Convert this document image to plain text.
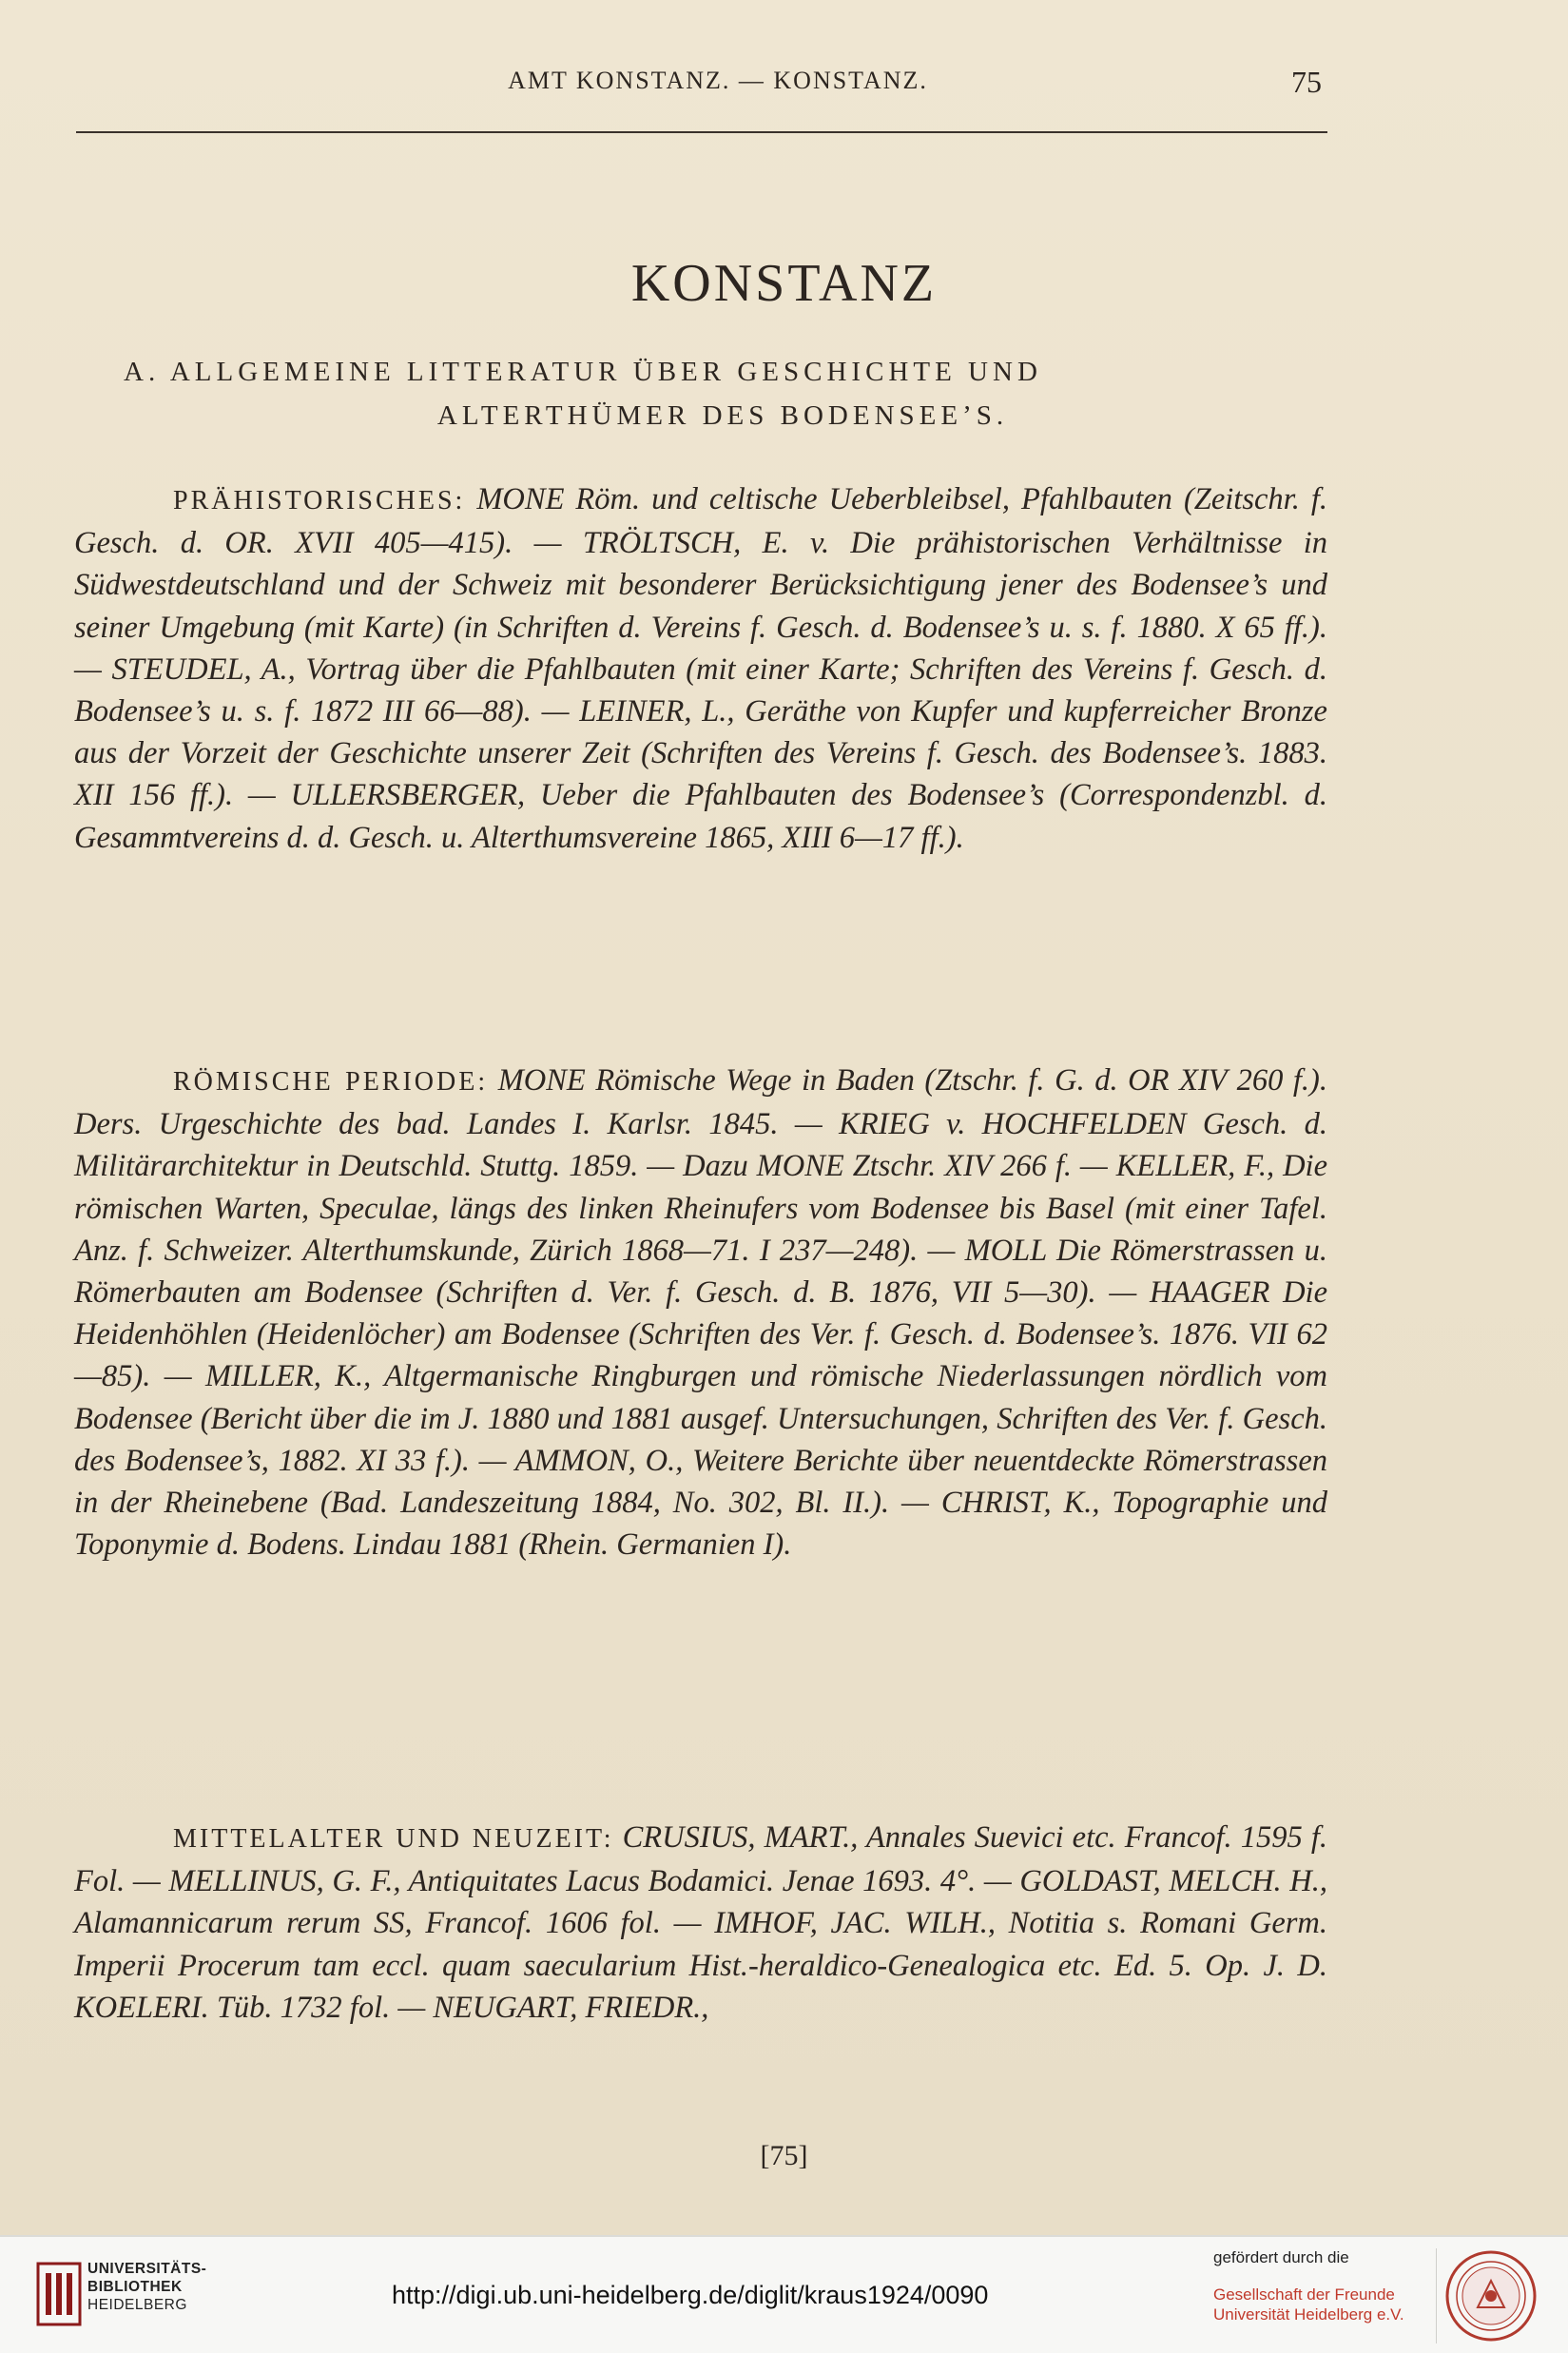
AMT KONSTANZ. — KONSTANZ.	75
KONSTANZ
A. ALLGEMEINE LITTERATUR ÜBER GESCHICHTE UND
ALTERTHÜMER DES BODENSEE’S.

PRÄHISTORISCHES: MONE Röm. und celtische Ueberbleibsel, Pfahlbauten (Zeitschr. f. Gesch. d. OR. XVII 405—415). — TRÖLTSCH, E. v. Die prähistorischen Verhältnisse in Südwestdeutschland und der Schweiz mit besonderer Berücksichtigung jener des Bodensee’s und seiner Umgebung (mit Karte) (in Schriften d. Vereins f. Gesch. d. Bodensee’s u. s. f. 1880. X 65 ff.). — STEUDEL, A., Vortrag über die Pfahlbauten (mit einer Karte; Schriften des Vereins f. Gesch. d. Bodensee’s u. s. f. 1872 III 66—88). — LEINER, L., Geräthe von Kupfer und kupferreicher Bronze aus der Vorzeit der Geschichte unserer Zeit (Schriften des Vereins f. Gesch. des Bodensee’s. 1883. XII 156 ff.). — ULLERSBERGER, Ueber die Pfahlbauten des Bodensee’s (Correspondenzbl. d. Gesammtvereins d. d. Gesch. u. Alterthumsvereine 1865, XIII 6—17 ff.).

RÖMISCHE PERIODE: MONE Römische Wege in Baden (Ztschr. f. G. d. OR XIV 260 f.). Ders. Urgeschichte des bad. Landes I. Karlsr. 1845. — KRIEG v. HOCHFELDEN Gesch. d. Militärarchitektur in Deutschld. Stuttg. 1859. — Dazu MONE Ztschr. XIV 266 f. — KELLER, F., Die römischen Warten, Speculae, längs des linken Rheinufers vom Bodensee bis Basel (mit einer Tafel. Anz. f. Schweizer. Alterthumskunde, Zürich 1868—71. I 237—248). — MOLL Die Römerstrassen u. Römerbauten am Bodensee (Schriften d. Ver. f. Gesch. d. B. 1876, VII 5—30). — HAAGER Die Heidenhöhlen (Heidenlöcher) am Bodensee (Schriften des Ver. f. Gesch. d. Bodensee’s. 1876. VII 62—85). — MILLER, K., Altgermanische Ringburgen und römische Niederlassungen nördlich vom Bodensee (Bericht über die im J. 1880 und 1881 ausgef. Untersuchungen, Schriften des Ver. f. Gesch. des Bodensee’s, 1882. XI 33 f.). — AMMON, O., Weitere Berichte über neuentdeckte Römerstrassen in der Rheinebene (Bad. Landeszeitung 1884, No. 302, Bl. II.). — CHRIST, K., Topographie und Toponymie d. Bodens. Lindau 1881 (Rhein. Germanien I).

MITTELALTER UND NEUZEIT: CRUSIUS, MART., Annales Suevici etc. Francof. 1595 f. Fol. — MELLINUS, G. F., Antiquitates Lacus Bodamici. Jenae 1693. 4°. — GOLDAST, MELCH. H., Alamannicarum rerum SS, Francof. 1606 fol. — IMHOF, JAC. WILH., Notitia s. Romani Germ. Imperii Procerum tam eccl. quam saecularium Hist.-heraldico-Genealogica etc. Ed. 5. Op. J. D. KOELERI. Tüb. 1732 fol. — NEUGART, FRIEDR.,

[75]
UNIVERSITÄTS-
BIBLIOTHEK
HEIDELBERG	http://digi.ub.uni-heidelberg.de/diglit/kraus1924/0090
gefördert durch die
Gesellschaft der Freunde
Universität Heidelberg e.V.
